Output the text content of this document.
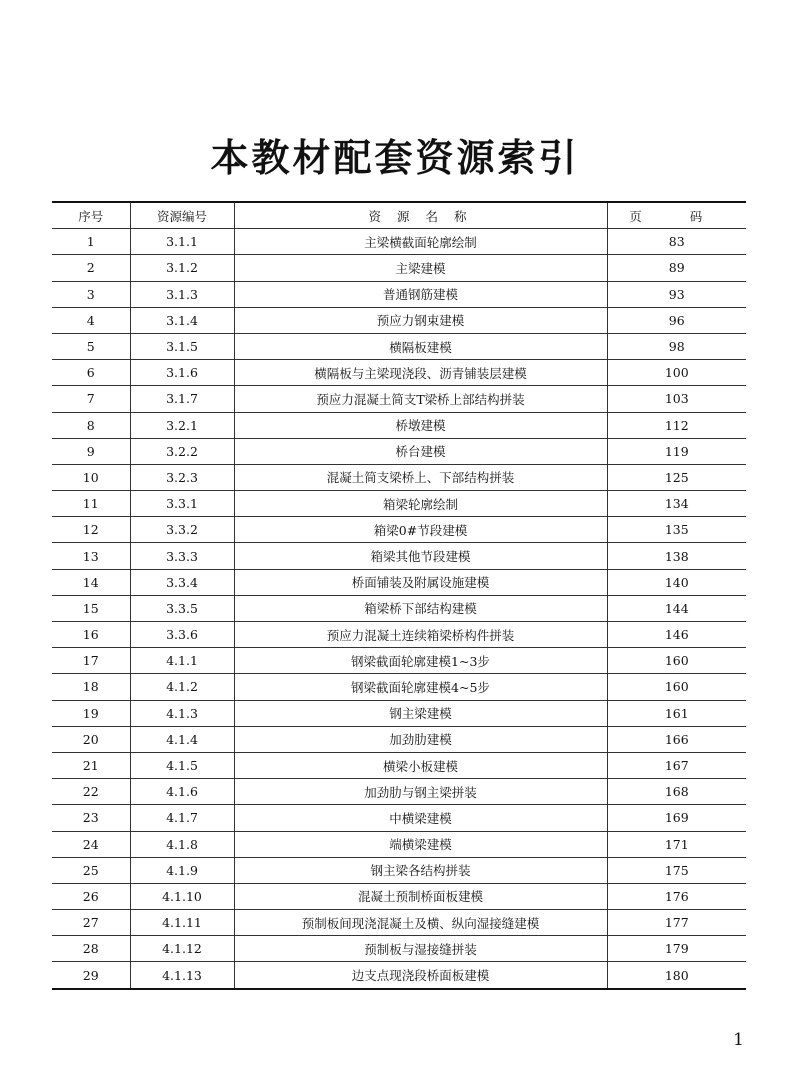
本教材配套资源索引
序号	资源编号	资 源 名 称	页 码
1	3.1.1	主梁横截面轮廓绘制	83
2	3.1.2	主梁建模	89
3	3.1.3	普通钢筋建模	93
4	3.1.4	预应力钢束建模	96
5	3.1.5	横隔板建模	98
6	3.1.6	横隔板与主梁现浇段、沥青铺装层建模	100
7	3.1.7	预应力混凝土简支T梁桥上部结构拼装	103
8	3.2.1	桥墩建模	112
9	3.2.2	桥台建模	119
10	3.2.3	混凝土简支梁桥上、下部结构拼装	125
11	3.3.1	箱梁轮廓绘制	134
12	3.3.2	箱梁0#节段建模	135
13	3.3.3	箱梁其他节段建模	138
14	3.3.4	桥面铺装及附属设施建模	140
15	3.3.5	箱梁桥下部结构建模	144
16	3.3.6	预应力混凝土连续箱梁桥构件拼装	146
17	4.1.1	钢梁截面轮廓建模1~3步	160
18	4.1.2	钢梁截面轮廓建模4~5步	160
19	4.1.3	钢主梁建模	161
20	4.1.4	加劲肋建模	166
21	4.1.5	横梁小板建模	167
22	4.1.6	加劲肋与钢主梁拼装	168
23	4.1.7	中横梁建模	169
24	4.1.8	端横梁建模	171
25	4.1.9	钢主梁各结构拼装	175
26	4.1.10	混凝土预制桥面板建模	176
27	4.1.11	预制板间现浇混凝土及横、纵向湿接缝建模	177
28	4.1.12	预制板与湿接缝拼装	179
29	4.1.13	边支点现浇段桥面板建模	180
1
